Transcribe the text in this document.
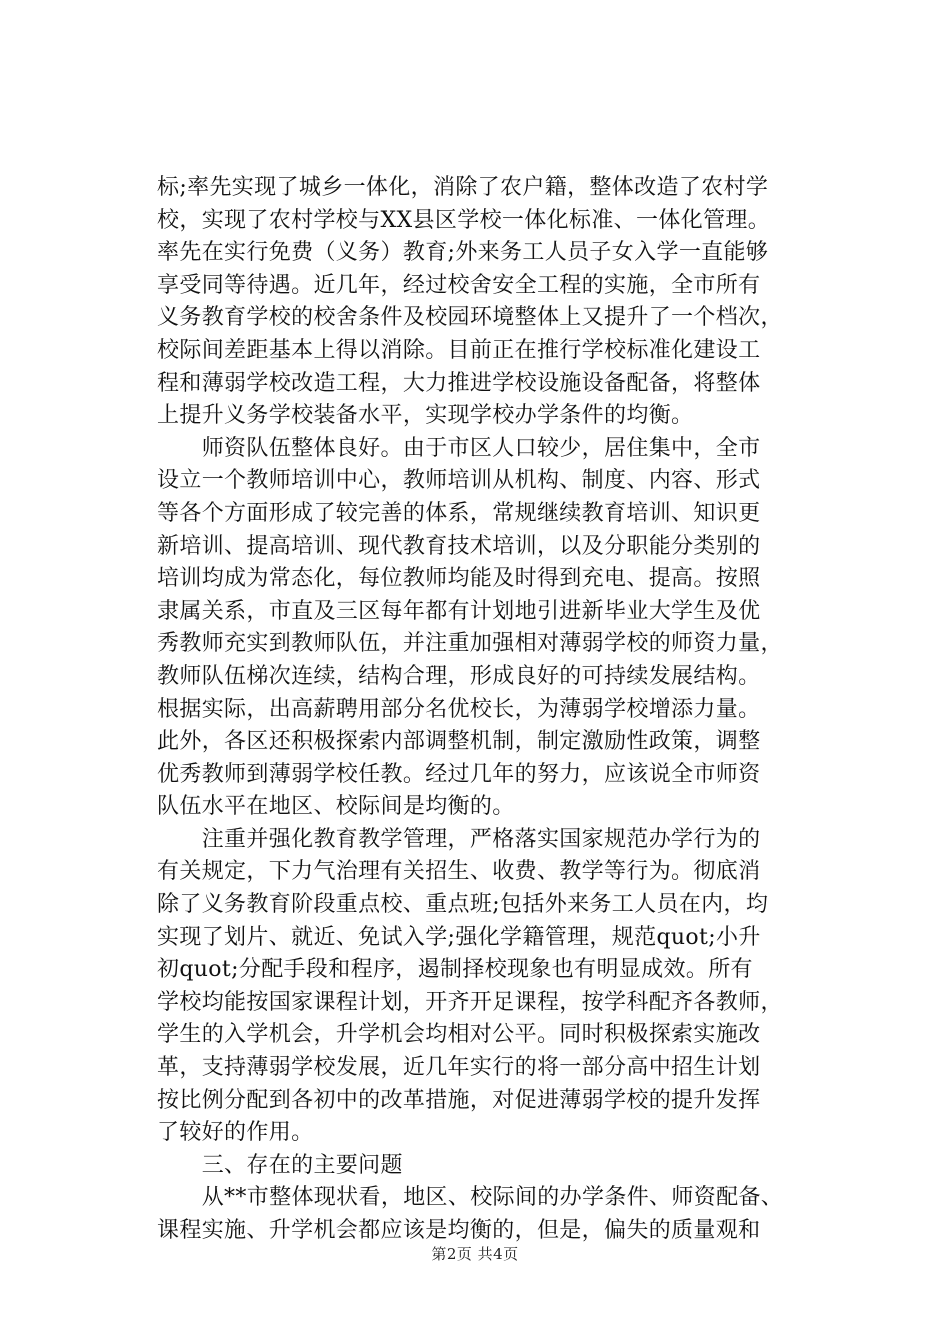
标;率先实现了城乡一体化，消除了农户籍，整体改造了农村学
校，实现了农村学校与XX县区学校一体化标准、一体化管理。
率先在实行免费（义务）教育;外来务工人员子女入学一直能够
享受同等待遇。近几年，经过校舍安全工程的实施，全市所有
义务教育学校的校舍条件及校园环境整体上又提升了一个档次，
校际间差距基本上得以消除。目前正在推行学校标准化建设工
程和薄弱学校改造工程，大力推进学校设施设备配备，将整体
上提升义务学校装备水平，实现学校办学条件的均衡。
　　师资队伍整体良好。由于市区人口较少，居住集中，全市
设立一个教师培训中心，教师培训从机构、制度、内容、形式
等各个方面形成了较完善的体系，常规继续教育培训、知识更
新培训、提高培训、现代教育技术培训，以及分职能分类别的
培训均成为常态化，每位教师均能及时得到充电、提高。按照
隶属关系，市直及三区每年都有计划地引进新毕业大学生及优
秀教师充实到教师队伍，并注重加强相对薄弱学校的师资力量，
教师队伍梯次连续，结构合理，形成良好的可持续发展结构。
根据实际，出高薪聘用部分名优校长，为薄弱学校增添力量。
此外，各区还积极探索内部调整机制，制定激励性政策，调整
优秀教师到薄弱学校任教。经过几年的努力，应该说全市师资
队伍水平在地区、校际间是均衡的。
　　注重并强化教育教学管理，严格落实国家规范办学行为的
有关规定，下力气治理有关招生、收费、教学等行为。彻底消
除了义务教育阶段重点校、重点班;包括外来务工人员在内，均
实现了划片、就近、免试入学;强化学籍管理，规范quot;小升
初quot;分配手段和程序，遏制择校现象也有明显成效。所有
学校均能按国家课程计划，开齐开足课程，按学科配齐各教师，
学生的入学机会，升学机会均相对公平。同时积极探索实施改
革，支持薄弱学校发展，近几年实行的将一部分高中招生计划
按比例分配到各初中的改革措施，对促进薄弱学校的提升发挥
了较好的作用。
　　三、存在的主要问题
　　从**市整体现状看，地区、校际间的办学条件、师资配备、
课程实施、升学机会都应该是均衡的，但是，偏失的质量观和
第2页 共4页
